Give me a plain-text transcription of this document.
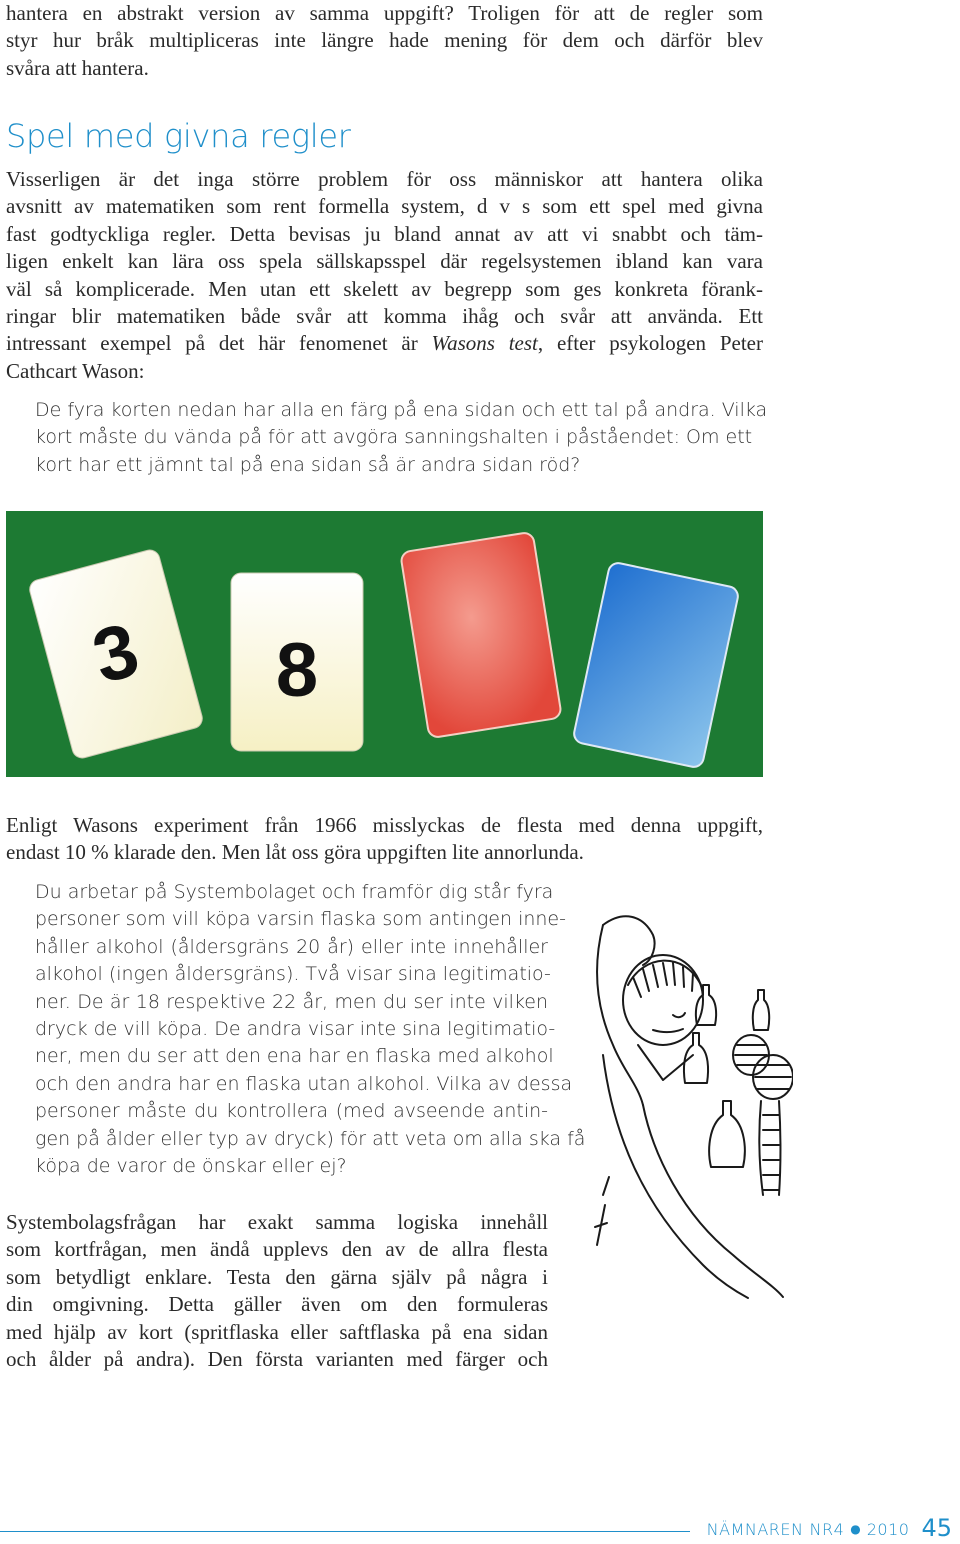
hantera en abstrakt version av samma uppgift? Troligen för att de regler som
styr hur bråk multipliceras inte längre hade mening för dem och därför blev
svåra att hantera.
Spel med givna regler
Visserligen är det inga större problem för oss människor att hantera olika
avsnitt av matematiken som rent formella system, d v s som ett spel med givna
fast godtyckliga regler. Detta bevisas ju bland annat av att vi snabbt och täm-
ligen enkelt kan lära oss spela sällskapsspel där regelsystemen ibland kan vara
väl så komplicerade. Men utan ett skelett av begrepp som ges konkreta förank-
ringar blir matematiken både svår att komma ihåg och svår att använda. Ett
intressant exempel på det här fenomenet är Wasons test, efter psykologen Peter
Cathcart Wason:
De fyra korten nedan har alla en färg på ena sidan och ett tal på andra. Vilka
kort måste du vända på för att avgöra sanningshalten i påståendet: Om ett
kort har ett jämnt tal på ena sidan så är andra sidan röd?
3 8
Enligt Wasons experiment från 1966 misslyckas de flesta med denna uppgift,
endast 10 % klarade den. Men låt oss göra uppgiften lite annorlunda.
Du arbetar på Systembolaget och framför dig står fyra
personer som vill köpa varsin flaska som antingen inne-
håller alkohol (åldersgräns 20 år) eller inte innehåller
alkohol (ingen åldersgräns). Två visar sina legitimatio-
ner. De är 18 respektive 22 år, men du ser inte vilken
dryck de vill köpa. De andra visar inte sina legitimatio-
ner, men du ser att den ena har en flaska med alkohol
och den andra har en flaska utan alkohol. Vilka av dessa
personer måste du kontrollera (med avseende antin-
gen på ålder eller typ av dryck) för att veta om alla ska få
köpa de varor de önskar eller ej?
Systembolagsfrågan har exakt samma logiska innehåll
som kortfrågan, men ändå upplevs den av de allra flesta
som betydligt enklare. Testa den gärna själv på några i
din omgivning. Detta gäller även om den formuleras
med hjälp av kort (spritflaska eller saftflaska på ena sidan
och ålder på andra). Den första varianten med färger och
NÄMNAREN NR4 ● 2010 45
